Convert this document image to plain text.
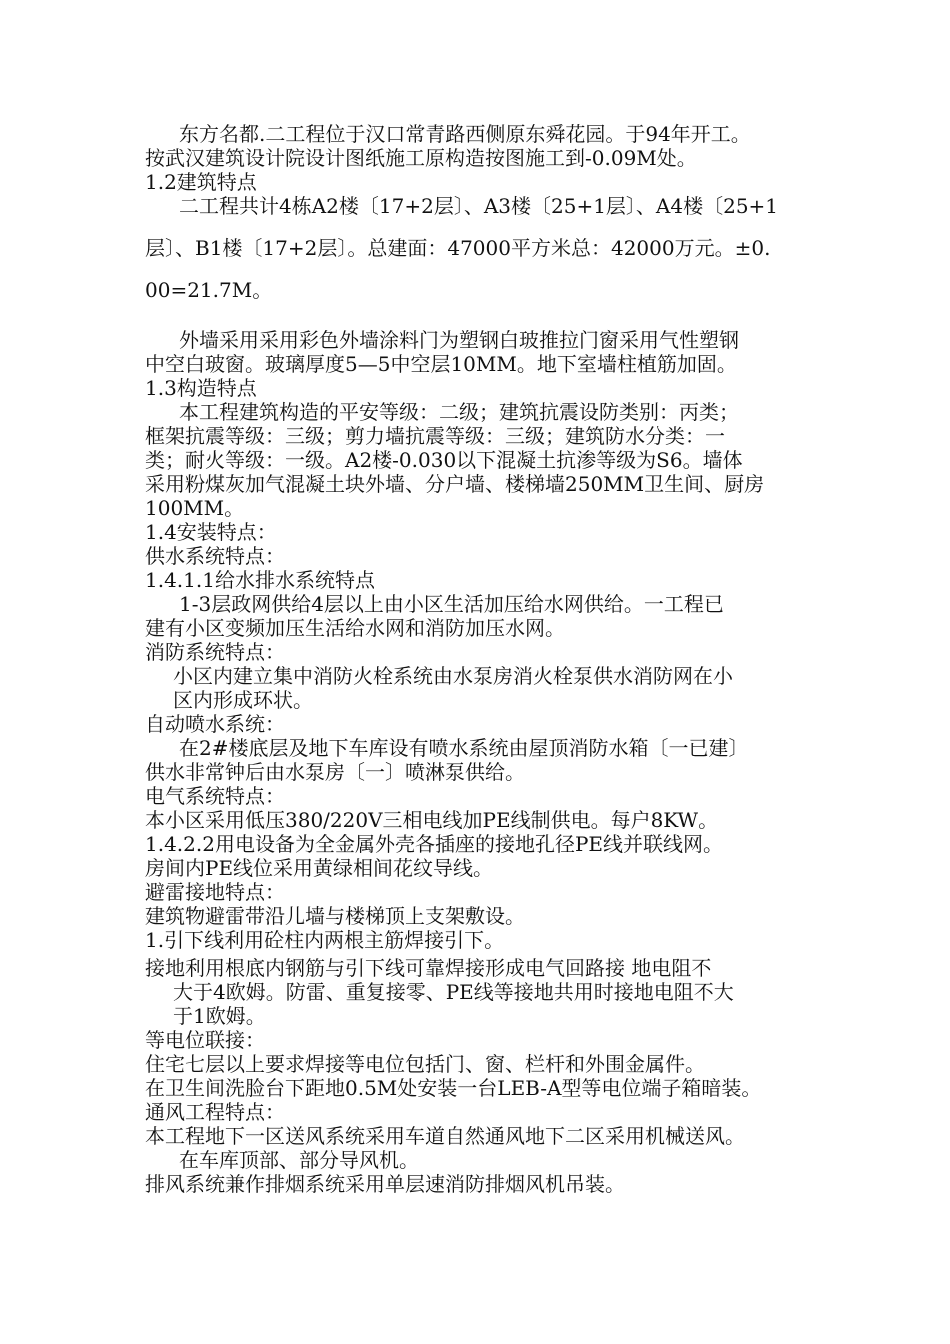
东方名都.二工程位于汉口常青路西侧原东舜花园。于94年开工。
按武汉建筑设计院设计图纸施工原构造按图施工到-0.09M处。
1.2建筑特点
二工程共计4栋A2楼〔17+2层〕、A3楼〔25+1层〕、A4楼〔25+1
层〕、B1楼〔17+2层〕。总建面：47000平方米总：42000万元。±0.
00=21.7M。
外墙采用采用彩色外墙涂料门为塑钢白玻推拉门窗采用气性塑钢
中空白玻窗。玻璃厚度5—5中空层10MM。地下室墙柱植筋加固。
1.3构造特点
本工程建筑构造的平安等级：二级；建筑抗震设防类别：丙类；
框架抗震等级：三级；剪力墙抗震等级：三级；建筑防水分类：一
类；耐火等级：一级。A2楼-0.030以下混凝土抗渗等级为S6。墙体
采用粉煤灰加气混凝土块外墙、分户墙、楼梯墙250MM卫生间、厨房
100MM。
1.4安装特点：
供水系统特点：
1.4.1.1给水排水系统特点
1-3层政网供给4层以上由小区生活加压给水网供给。一工程已
建有小区变频加压生活给水网和消防加压水网。
消防系统特点：
小区内建立集中消防火栓系统由水泵房消火栓泵供水消防网在小
区内形成环状。
自动喷水系统：
在2#楼底层及地下车库设有喷水系统由屋顶消防水箱〔一已建〕
供水非常钟后由水泵房〔一〕喷淋泵供给。
电气系统特点：
本小区采用低压380/220V三相电线加PE线制供电。每户8KW。
1.4.2.2用电设备为全金属外壳各插座的接地孔径PE线并联线网。
房间内PE线位采用黄绿相间花纹导线。
避雷接地特点：
建筑物避雷带沿儿墙与楼梯顶上支架敷设。
1.引下线利用砼柱内两根主筋焊接引下。
接地利用根底内钢筋与引下线可靠焊接形成电气回路接 地电阻不
大于4欧姆。防雷、重复接零、PE线等接地共用时接地电阻不大
于1欧姆。
等电位联接：
住宅七层以上要求焊接等电位包括门、窗、栏杆和外围金属件。
在卫生间洗脸台下距地0.5M处安装一台LEB-A型等电位端子箱暗装。
通风工程特点：
本工程地下一区送风系统采用车道自然通风地下二区采用机械送风。
在车库顶部、部分导风机。
排风系统兼作排烟系统采用单层速消防排烟风机吊装。
